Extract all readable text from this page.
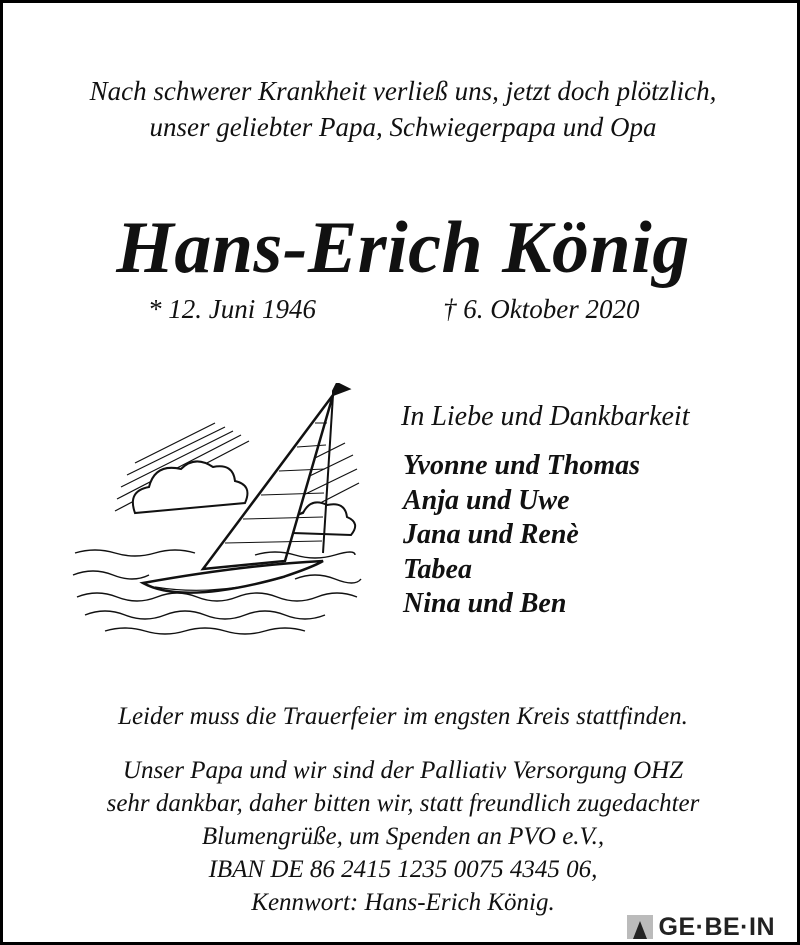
Nach schwerer Krankheit verließ uns, jetzt doch plötzlich,
unser geliebter Papa, Schwiegerpapa und Opa
Hans-Erich König
* 12. Juni 1946	† 6. Oktober 2020
In Liebe und Dankbarkeit
Yvonne und Thomas
Anja und Uwe
Jana und Renè
Tabea
Nina und Ben
Leider muss die Trauerfeier im engsten Kreis stattfinden.
Unser Papa und wir sind der Palliativ Versorgung OHZ
sehr dankbar, daher bitten wir, statt freundlich zugedachter
Blumengrüße, um Spenden an PVO e.V.,
IBAN DE 86 2415 1235 0075 4345 06,
Kennwort: Hans-Erich König.
GE·BE·IN
